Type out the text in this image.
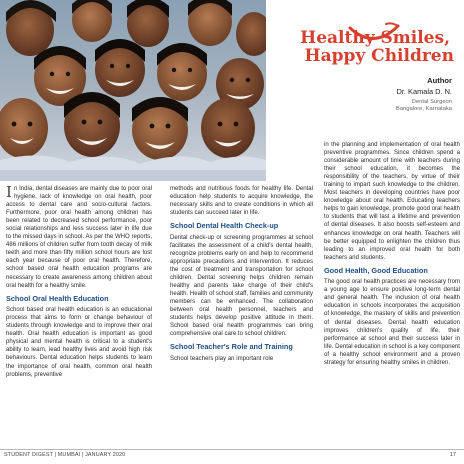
Healthy Smiles,
Happy Children
Author
Dr. Kamala D. N.
Dental Surgeon
Bangalore, Karnataka

In India, dental diseases are mainly due to poor oral hygiene, lack of knowledge on oral health, poor access to dental care and socio-cultural factors. Furthermore, poor oral health among children has been related to decreased school performance, poor social relationships and less success later in life due to the missed days in school. As per the WHO reports, 486 millions of children suffer from tooth decay of milk teeth and more than fifty million school hours are lost each year because of poor oral health. Therefore, school based oral health education programs are necessary to create awareness among children about oral health for a healthy smile.

School Oral Health Education

School based oral health education is an educational process that aims to form or change behaviour of students through knowledge and to improve their oral health. Oral health education is important as good physical and mental health is critical to a student's ability to learn, lead healthy lives and avoid high risk behaviours. Dental education helps students to learn the importance of oral health, common oral health problems, preventive

methods and nutritious foods for healthy life. Dental education help students to acquire knowledge, the necessary skills and to create conditions in which all students can succeed later in life.

School Dental Health Check-up

Dental check-up or screening programmes at school facilitates the assessment of a child's dental health, recognize problems early on and help to recommend appropriate precautions and intervention. It reduces the cost of treatment and transportation for school children. Dental screening helps children remain healthy and parents take charge of their child's health. Health of school staff, families and community members can be enhanced. The collaboration between oral health personnel, teachers and students helps develop positive attitude in them. School based oral health programmes can bring comprehensive oral care to school children.

School Teacher's Role and Training

School teachers play an important role

in the planning and implementation of oral health preventive programmes. Since children spend a considerable amount of time with teachers during their school education, it becomes the responsibility of the teachers, by virtue of their training to impart such knowledge to the children. Most teachers in developing countries have poor knowledge about oral health. Educating teachers helps to gain knowledge, promote good oral health to students that will last a lifetime and prevention of dental diseases. It also boosts self-esteem and enhances knowledge on oral health. Teachers will be better equipped to enlighten the children thus leading to an improved oral health for both teachers and students.

Good Health, Good Education

The good oral health practices are necessary from a young age to ensure positive long-term dental and general health. The inclusion of oral health education in schools incorporates the acquisition of knowledge, the mastery of skills and prevention of dental diseases. Dental health education improves children's quality of life, their performance at school and their success later in life. Dental education in school is a key component of a healthy school environment and a proven strategy for ensuring healthy smiles in children.

STUDENT DIGEST | MUMBAI | JANUARY 2020	17
